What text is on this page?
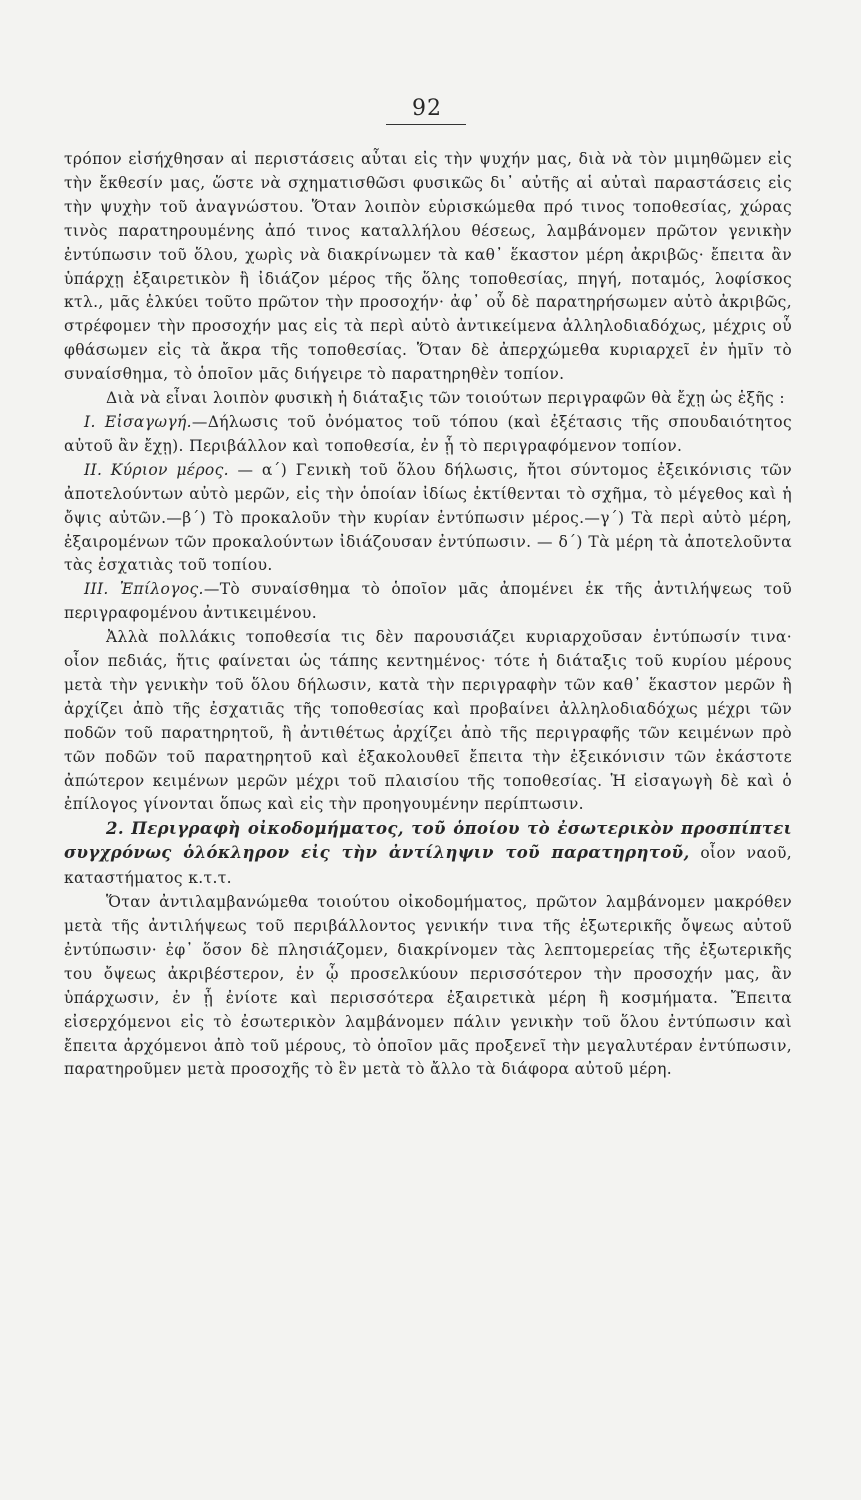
92

τρόπον εἰσήχθησαν αἱ περιστάσεις αὗται εἰς τὴν ψυχήν μας, διὰ νὰ τὸν μιμηθῶμεν εἰς τὴν ἔκθεσίν μας, ὥστε νὰ σχηματισθῶσι φυσικῶς δι᾽ αὐτῆς αἱ αὐταὶ παραστάσεις εἰς τὴν ψυχὴν τοῦ ἀναγνώστου. Ὅταν λοιπὸν εὑρισκώμεθα πρό τινος τοποθεσίας, χώρας τινὸς παρατηρουμένης ἀπό τινος καταλλήλου θέσεως, λαμβάνομεν πρῶτον γενικὴν ἐντύπωσιν τοῦ ὅλου, χωρὶς νὰ διακρίνωμεν τὰ καθ᾽ ἕκαστον μέρη ἀκριβῶς· ἔπειτα ἂν ὑπάρχῃ ἐξαιρετικὸν ἢ ἰδιάζον μέρος τῆς ὅλης τοποθεσίας, πηγή, ποταμός, λοφίσκος κτλ., μᾶς ἑλκύει τοῦτο πρῶτον τὴν προσοχήν· ἀφ᾽ οὗ δὲ παρατηρήσωμεν αὐτὸ ἀκριβῶς, στρέφομεν τὴν προσοχήν μας εἰς τὰ περὶ αὐτὸ ἀντικείμενα ἀλληλοδιαδόχως, μέχρις οὗ φθάσωμεν εἰς τὰ ἄκρα τῆς τοποθεσίας. Ὅταν δὲ ἀπερχώμεθα κυριαρχεῖ ἐν ἡμῖν τὸ συναίσθημα, τὸ ὁποῖον μᾶς διήγειρε τὸ παρατηρηθὲν τοπίον.

Διὰ νὰ εἶναι λοιπὸν φυσικὴ ἡ διάταξις τῶν τοιούτων περιγραφῶν θὰ ἔχῃ ὡς ἑξῆς :

Ι. Εἰσαγωγή.—Δήλωσις τοῦ ὀνόματος τοῦ τόπου (καὶ ἐξέτασις τῆς σπουδαιότητος αὐτοῦ ἂν ἔχῃ). Περιβάλλον καὶ τοποθεσία, ἐν ᾗ τὸ περιγραφόμενον τοπίον.

ΙΙ. Κύριον μέρος. — α΄) Γενικὴ τοῦ ὅλου δήλωσις, ἤτοι σύντομος ἐξεικόνισις τῶν ἀποτελούντων αὐτὸ μερῶν, εἰς τὴν ὁποίαν ἰδίως ἐκτίθενται τὸ σχῆμα, τὸ μέγεθος καὶ ἡ ὄψις αὐτῶν.—β΄) Τὸ προκαλοῦν τὴν κυρίαν ἐντύπωσιν μέρος.—γ΄) Τὰ περὶ αὐτὸ μέρη, ἐξαιρομένων τῶν προκαλούντων ἰδιάζουσαν ἐντύπωσιν. — δ΄) Τὰ μέρη τὰ ἀποτελοῦντα τὰς ἐσχατιὰς τοῦ τοπίου.

ΙΙΙ. Ἐπίλογος.—Τὸ συναίσθημα τὸ ὁποῖον μᾶς ἀπομένει ἐκ τῆς ἀντιλήψεως τοῦ περιγραφομένου ἀντικειμένου.

Ἀλλὰ πολλάκις τοποθεσία τις δὲν παρουσιάζει κυριαρχοῦσαν ἐντύπωσίν τινα· οἷον πεδιάς, ἥτις φαίνεται ὡς τάπης κεντημένος· τότε ἡ διάταξις τοῦ κυρίου μέρους μετὰ τὴν γενικὴν τοῦ ὅλου δήλωσιν, κατὰ τὴν περιγραφὴν τῶν καθ᾽ ἕκαστον μερῶν ἢ ἀρχίζει ἀπὸ τῆς ἐσχατιᾶς τῆς τοποθεσίας καὶ προβαίνει ἀλληλοδιαδόχως μέχρι τῶν ποδῶν τοῦ παρατηρητοῦ, ἢ ἀντιθέτως ἀρχίζει ἀπὸ τῆς περιγραφῆς τῶν κειμένων πρὸ τῶν ποδῶν τοῦ παρατηρητοῦ καὶ ἐξακολουθεῖ ἔπειτα τὴν ἐξεικόνισιν τῶν ἑκάστοτε ἀπώτερον κειμένων μερῶν μέχρι τοῦ πλαισίου τῆς τοποθεσίας. Ἡ εἰσαγωγὴ δὲ καὶ ὁ ἐπίλογος γίνονται ὅπως καὶ εἰς τὴν προηγουμένην περίπτωσιν.

2. Περιγραφὴ οἰκοδομήματος, τοῦ ὁποίου τὸ ἐσωτερικὸν προσπίπτει συγχρόνως ὁλόκληρον εἰς τὴν ἀντίληψιν τοῦ παρατηρητοῦ, οἷον ναοῦ, καταστήματος κ.τ.τ.

Ὅταν ἀντιλαμβανώμεθα τοιούτου οἰκοδομήματος, πρῶτον λαμβάνομεν μακρόθεν μετὰ τῆς ἀντιλήψεως τοῦ περιβάλλοντος γενικήν τινα τῆς ἐξωτερικῆς ὄψεως αὐτοῦ ἐντύπωσιν· ἐφ᾽ ὅσον δὲ πλησιάζομεν, διακρίνομεν τὰς λεπτομερείας τῆς ἐξωτερικῆς του ὄψεως ἀκριβέστερον, ἐν ᾧ προσελκύουν περισσότερον τὴν προσοχήν μας, ἂν ὑπάρχωσιν, ἐν ᾗ ἐνίοτε καὶ περισσότερα ἐξαιρετικὰ μέρη ἢ κοσμήματα. Ἔπειτα εἰσερχόμενοι εἰς τὸ ἐσωτερικὸν λαμβάνομεν πάλιν γενικὴν τοῦ ὅλου ἐντύπωσιν καὶ ἔπειτα ἀρχόμενοι ἀπὸ τοῦ μέρους, τὸ ὁποῖον μᾶς προξενεῖ τὴν μεγαλυτέραν ἐντύπωσιν, παρατηροῦμεν μετὰ προσοχῆς τὸ ἓν μετὰ τὸ ἄλλο τὰ διάφορα αὐτοῦ μέρη.
